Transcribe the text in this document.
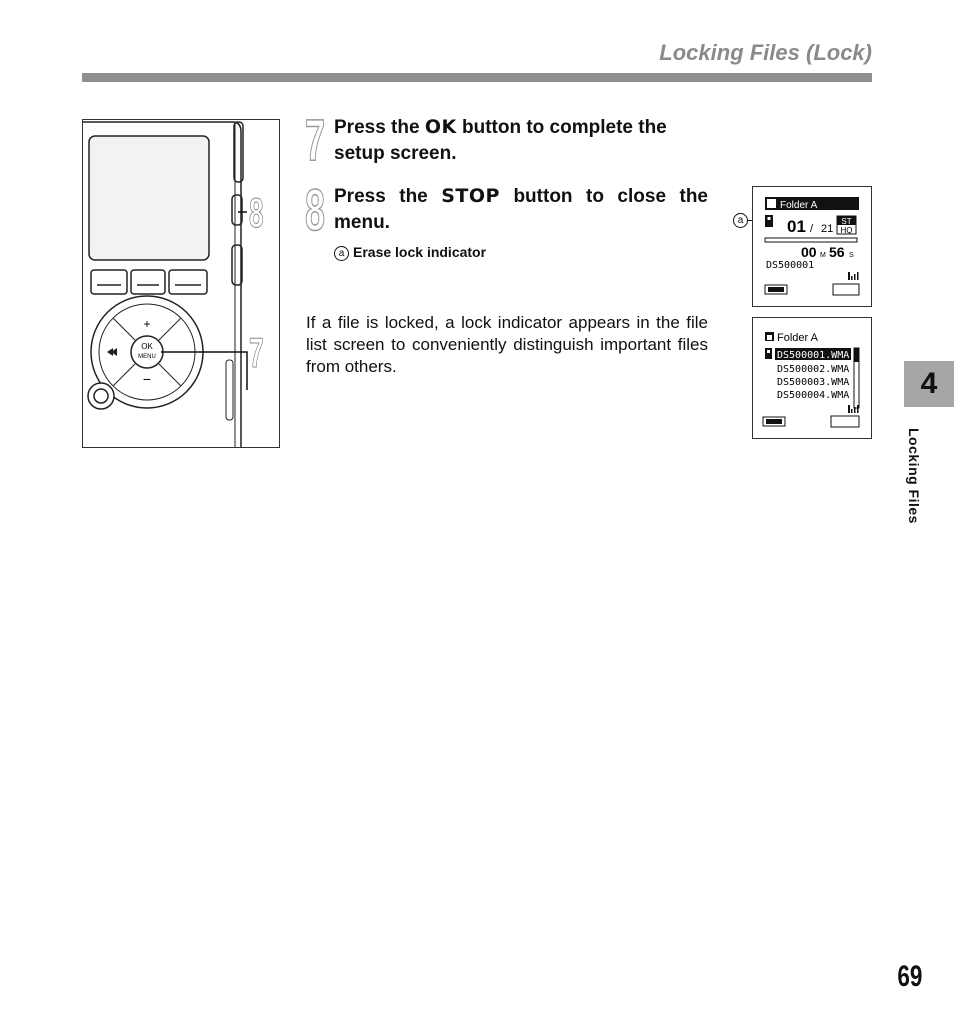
Locking Files (Lock)
+
−
OK
MENU
8
7
7 Press the OK button to complete the setup screen.
8 Press the STOP button to close the menu.
a Erase lock indicator
If a file is locked, a lock indicator appears in the file list screen to conveniently distinguish important files from others.
a
Folder A
01 / 21
ST
HQ
00 M 56 S
DS500001
Folder A
DS500001.WMA
DS500002.WMA
DS500003.WMA
DS500004.WMA	4
Locking Files
69
